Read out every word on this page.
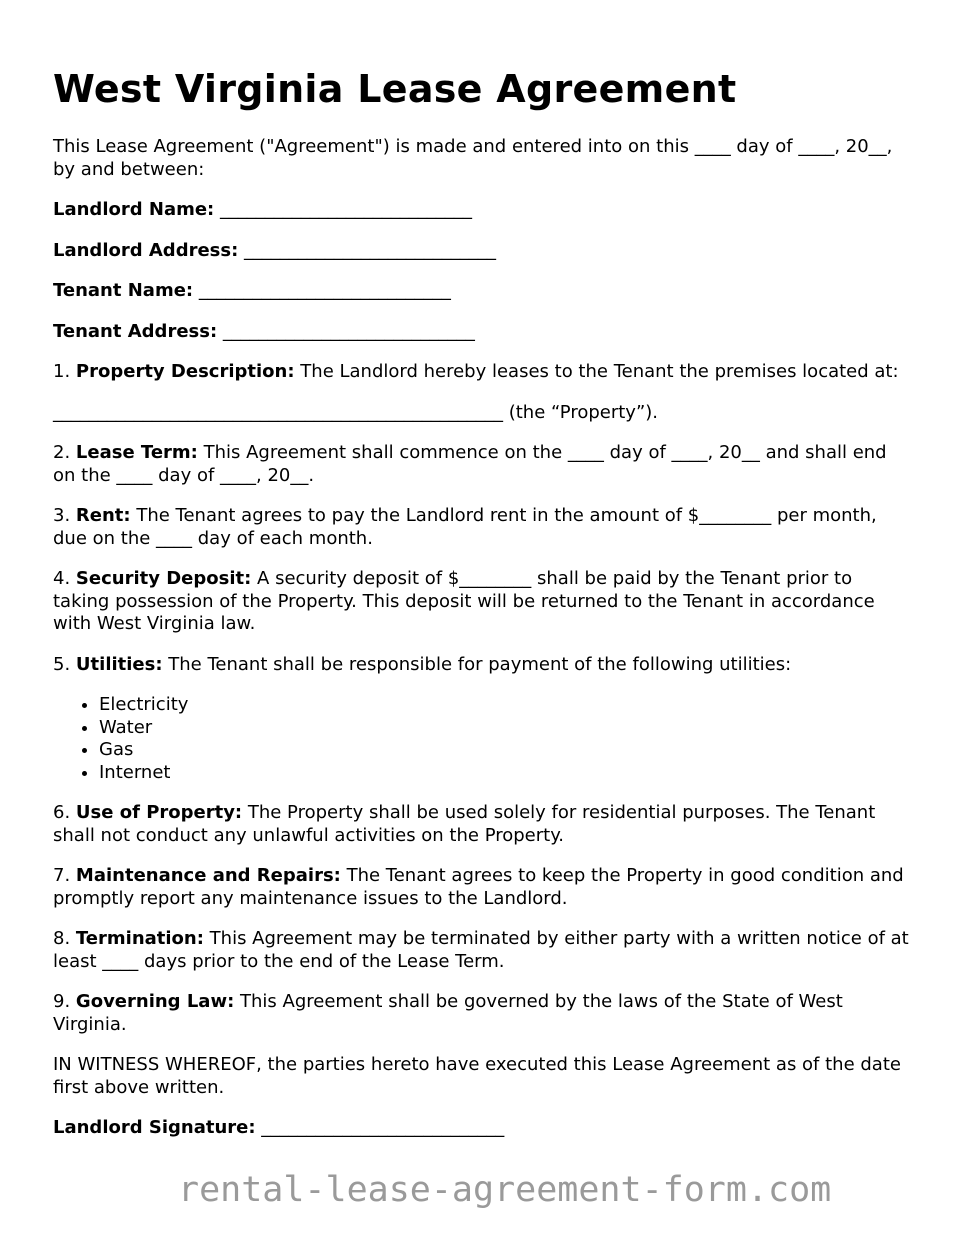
West Virginia Lease Agreement

This Lease Agreement ("Agreement") is made and entered into on this ____ day of ____, 20__, by and between:

Landlord Name: ____________________________

Landlord Address: ____________________________

Tenant Name: ____________________________

Tenant Address: ____________________________

1. Property Description: The Landlord hereby leases to the Tenant the premises located at:

__________________________________________________ (the “Property”).

2. Lease Term: This Agreement shall commence on the ____ day of ____, 20__ and shall end on the ____ day of ____, 20__.

3. Rent: The Tenant agrees to pay the Landlord rent in the amount of $________ per month, due on the ____ day of each month.

4. Security Deposit: A security deposit of $________ shall be paid by the Tenant prior to taking possession of the Property. This deposit will be returned to the Tenant in accordance with West Virginia law.

5. Utilities: The Tenant shall be responsible for payment of the following utilities:

• Electricity
• Water
• Gas
• Internet

6. Use of Property: The Property shall be used solely for residential purposes. The Tenant shall not conduct any unlawful activities on the Property.

7. Maintenance and Repairs: The Tenant agrees to keep the Property in good condition and promptly report any maintenance issues to the Landlord.

8. Termination: This Agreement may be terminated by either party with a written notice of at least ____ days prior to the end of the Lease Term.

9. Governing Law: This Agreement shall be governed by the laws of the State of West Virginia.

IN WITNESS WHEREOF, the parties hereto have executed this Lease Agreement as of the date first above written.

Landlord Signature: ___________________________

rental-lease-agreement-form.com
